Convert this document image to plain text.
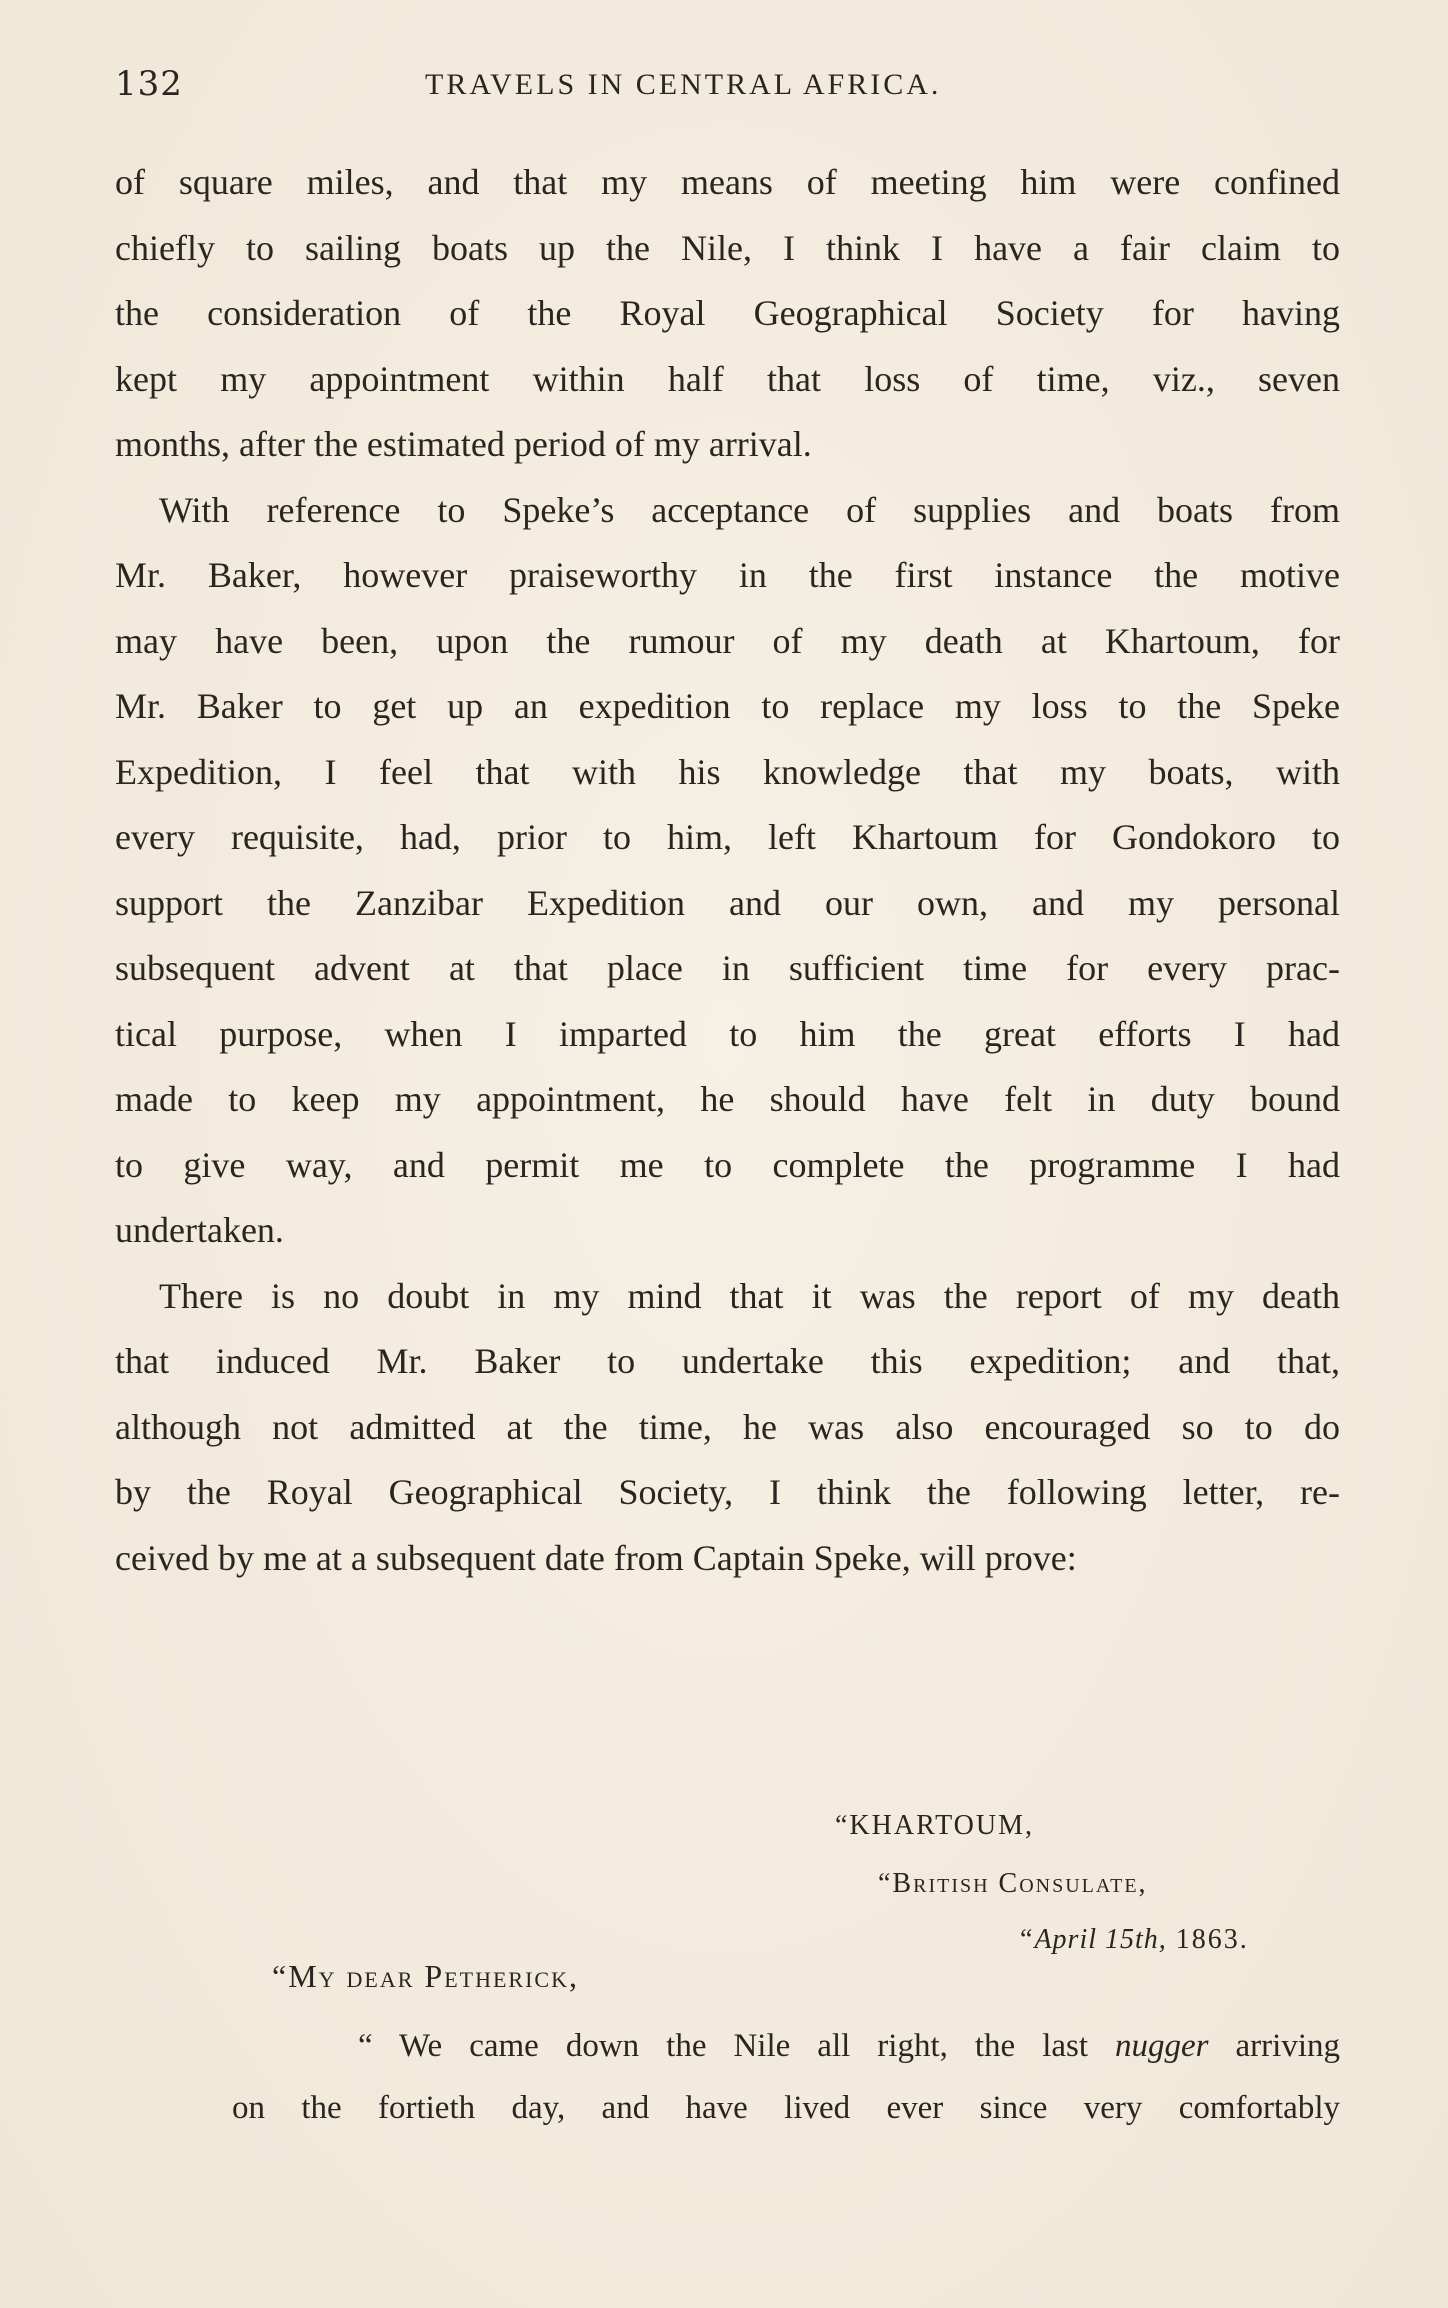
132	TRAVELS IN CENTRAL AFRICA.
of square miles, and that my means of meeting him were confined
chiefly to sailing boats up the Nile, I think I have a fair claim to
the consideration of the Royal Geographical Society for having
kept my appointment within half that loss of time, viz., seven
months, after the estimated period of my arrival.
With reference to Speke’s acceptance of supplies and boats from
Mr. Baker, however praiseworthy in the first instance the motive
may have been, upon the rumour of my death at Khartoum, for
Mr. Baker to get up an expedition to replace my loss to the Speke
Expedition, I feel that with his knowledge that my boats, with
every requisite, had, prior to him, left Khartoum for Gondokoro to
support the Zanzibar Expedition and our own, and my personal
subsequent advent at that place in sufficient time for every prac-
tical purpose, when I imparted to him the great efforts I had
made to keep my appointment, he should have felt in duty bound
to give way, and permit me to complete the programme I had
undertaken.
There is no doubt in my mind that it was the report of my death
that induced Mr. Baker to undertake this expedition; and that,
although not admitted at the time, he was also encouraged so to do
by the Royal Geographical Society, I think the following letter, re-
ceived by me at a subsequent date from Captain Speke, will prove:
“KHARTOUM,
“British Consulate,
“April 15th, 1863.
“My dear Petherick,
“ We came down the Nile all right, the last nugger arriving
on the fortieth day, and have lived ever since very comfortably
